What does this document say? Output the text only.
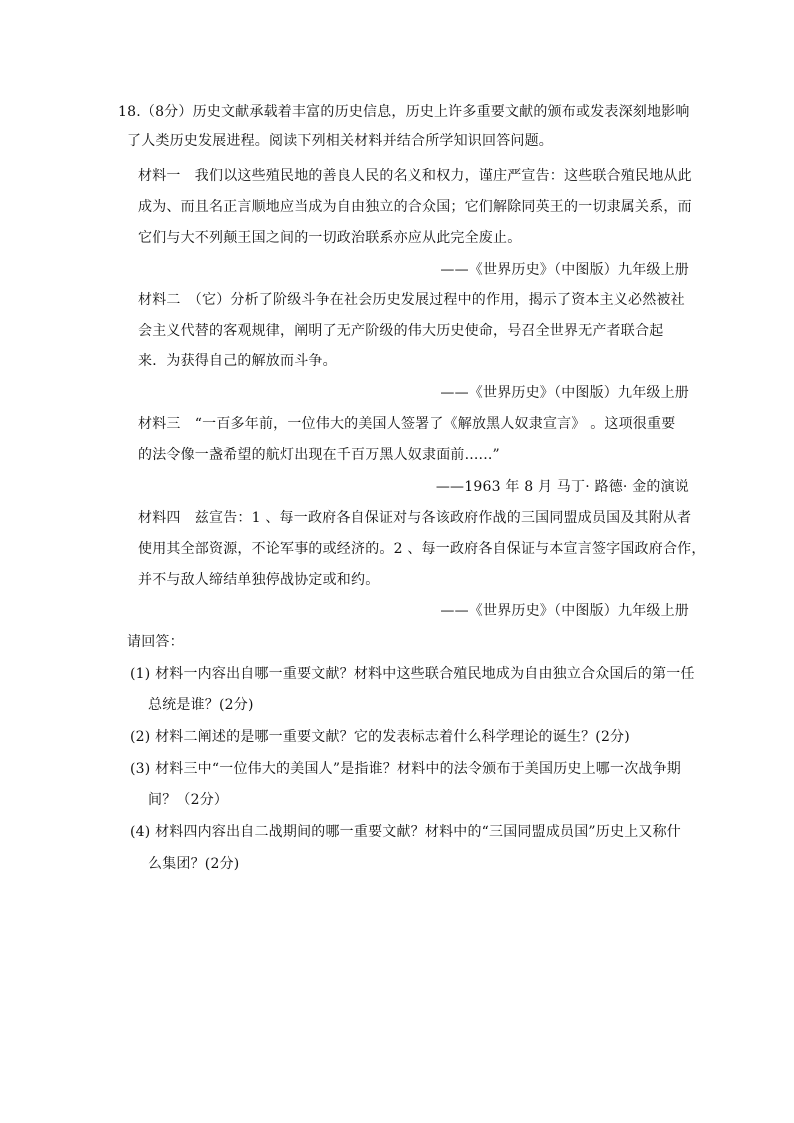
18.（8分）历史文献承载着丰富的历史信息，历史上许多重要文献的颁布或发表深刻地影响
了人类历史发展进程。阅读下列相关材料并结合所学知识回答问题。
材料一　我们以这些殖民地的善良人民的名义和权力，谨庄严宣告：这些联合殖民地从此
成为、而且名正言顺地应当成为自由独立的合众国；它们解除同英王的一切隶属关系，而
它们与大不列颠王国之间的一切政治联系亦应从此完全废止。
——《世界历史》（中图版）九年级上册
材料二　（它）分析了阶级斗争在社会历史发展过程中的作用，揭示了资本主义必然被社
会主义代替的客观规律，阐明了无产阶级的伟大历史使命，号召全世界无产者联合起
来．为获得自己的解放而斗争。
——《世界历史》（中图版）九年级上册
材料三　“一百多年前，一位伟大的美国人签署了《解放黑人奴隶宣言》 。这项很重要
的法令像一盏希望的航灯出现在千百万黑人奴隶面前......”
——1963 年 8 月 马丁· 路德· 金的演说
材料四　兹宣告：1 、每一政府各自保证对与各该政府作战的三国同盟成员国及其附从者
使用其全部资源，不论军事的或经济的。2 、每一政府各自保证与本宣言签字国政府合作，
并不与敌人缔结单独停战协定或和约。
——《世界历史》（中图版）九年级上册
请回答：
(1) 材料一内容出自哪一重要文献？材料中这些联合殖民地成为自由独立合众国后的第一任
总统是谁？(2分)
(2) 材料二阐述的是哪一重要文献？它的发表标志着什么科学理论的诞生？(2分)
(3) 材料三中“一位伟大的美国人”是指谁？材料中的法令颁布于美国历史上哪一次战争期
间？（2分）
(4) 材料四内容出自二战期间的哪一重要文献？材料中的“三国同盟成员国”历史上又称什
么集团？(2分)
